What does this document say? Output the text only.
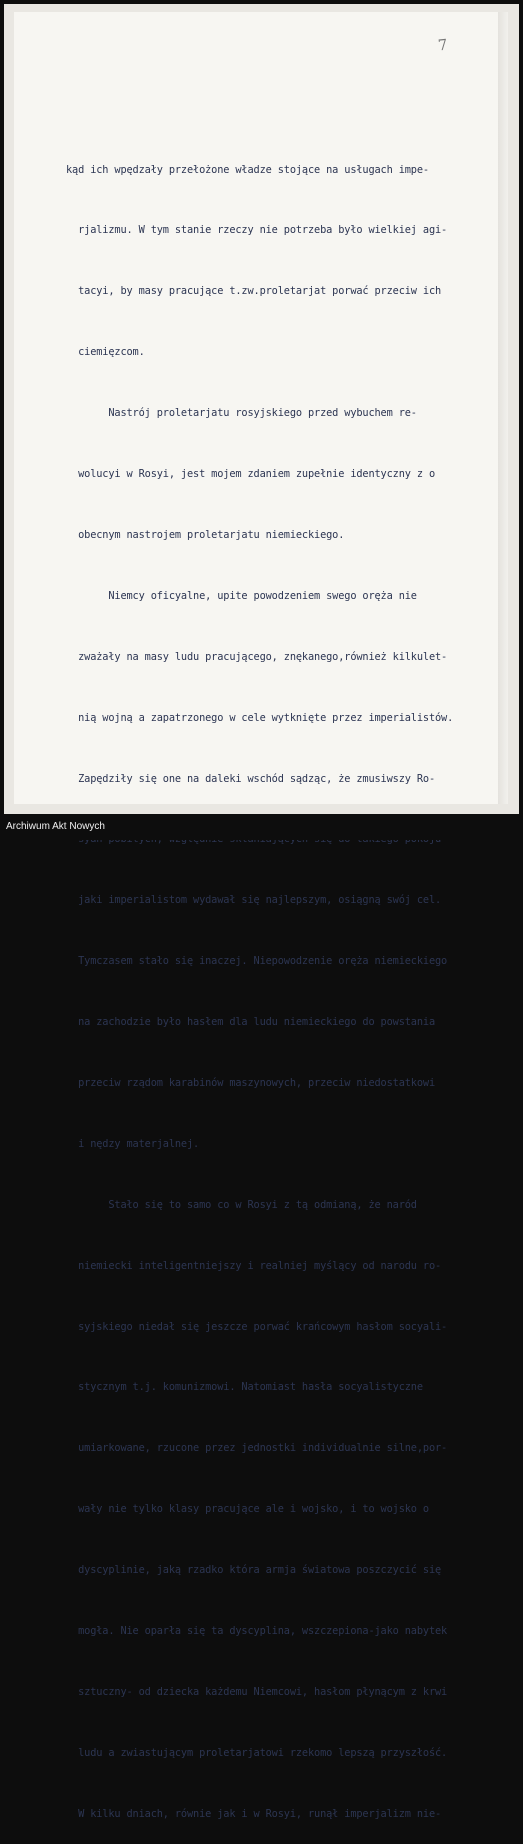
7

kąd ich wpędzały przełożone władze stojące na usługach impe-

rjalizmu. W tym stanie rzeczy nie potrzeba było wielkiej agi-

tacyi, by masy pracujące t.zw.proletarjat porwać przeciw ich

ciemięzcom.

Nastrój proletarjatu rosyjskiego przed wybuchem re-

wolucyi w Rosyi, jest mojem zdaniem zupełnie identyczny z o

obecnym nastrojem proletarjatu niemieckiego.

Niemcy oficyalne, upite powodzeniem swego oręża nie

zważały na masy ludu pracującego, znękanego,również kilkulet-

nią wojną a zapatrzonego w cele wytknięte przez imperialistów.

Zapędziły się one na daleki wschód sądząc, że zmusiwszy Ro-

jaki imperialistom wydawał się najlepszym, osiągną swój cel.

Tymczasem stało się inaczej. Niepowodzenie oręża niemieckiego

na zachodzie było hasłem dla ludu niemieckiego do powstania

przeciw rządom karabinów maszynowych, przeciw niedostatkowi

i nędzy materjalnej.

Stało się to samo co w Rosyi z tą odmianą, że naród

niemiecki inteligentniejszy i realniej myślący od narodu ro-

syjskiego niedał się jeszcze porwać krańcowym hasłom socyali-

stycznym t.j. komunizmowi. Natomiast hasła socyalistyczne

umiarkowane, rzucone przez jednostki individualnie silne,por-

wały nie tylko klasy pracujące ale i wojsko, i to wojsko o

dyscyplinie, jaką rzadko która armja światowa poszczycić się

mogła. Nie oparła się ta dyscyplina, wszczepiona-jako nabytek

sztuczny- od dziecka każdemu Niemcowi, hasłom płynącym z krwi

ludu a zwiastującym proletarjatowi rzekomo lepszą przyszłość.

W kilku dniach, równie jak i w Rosyi, runął imperjalizm nie-

Archiwum Akt Nowych
